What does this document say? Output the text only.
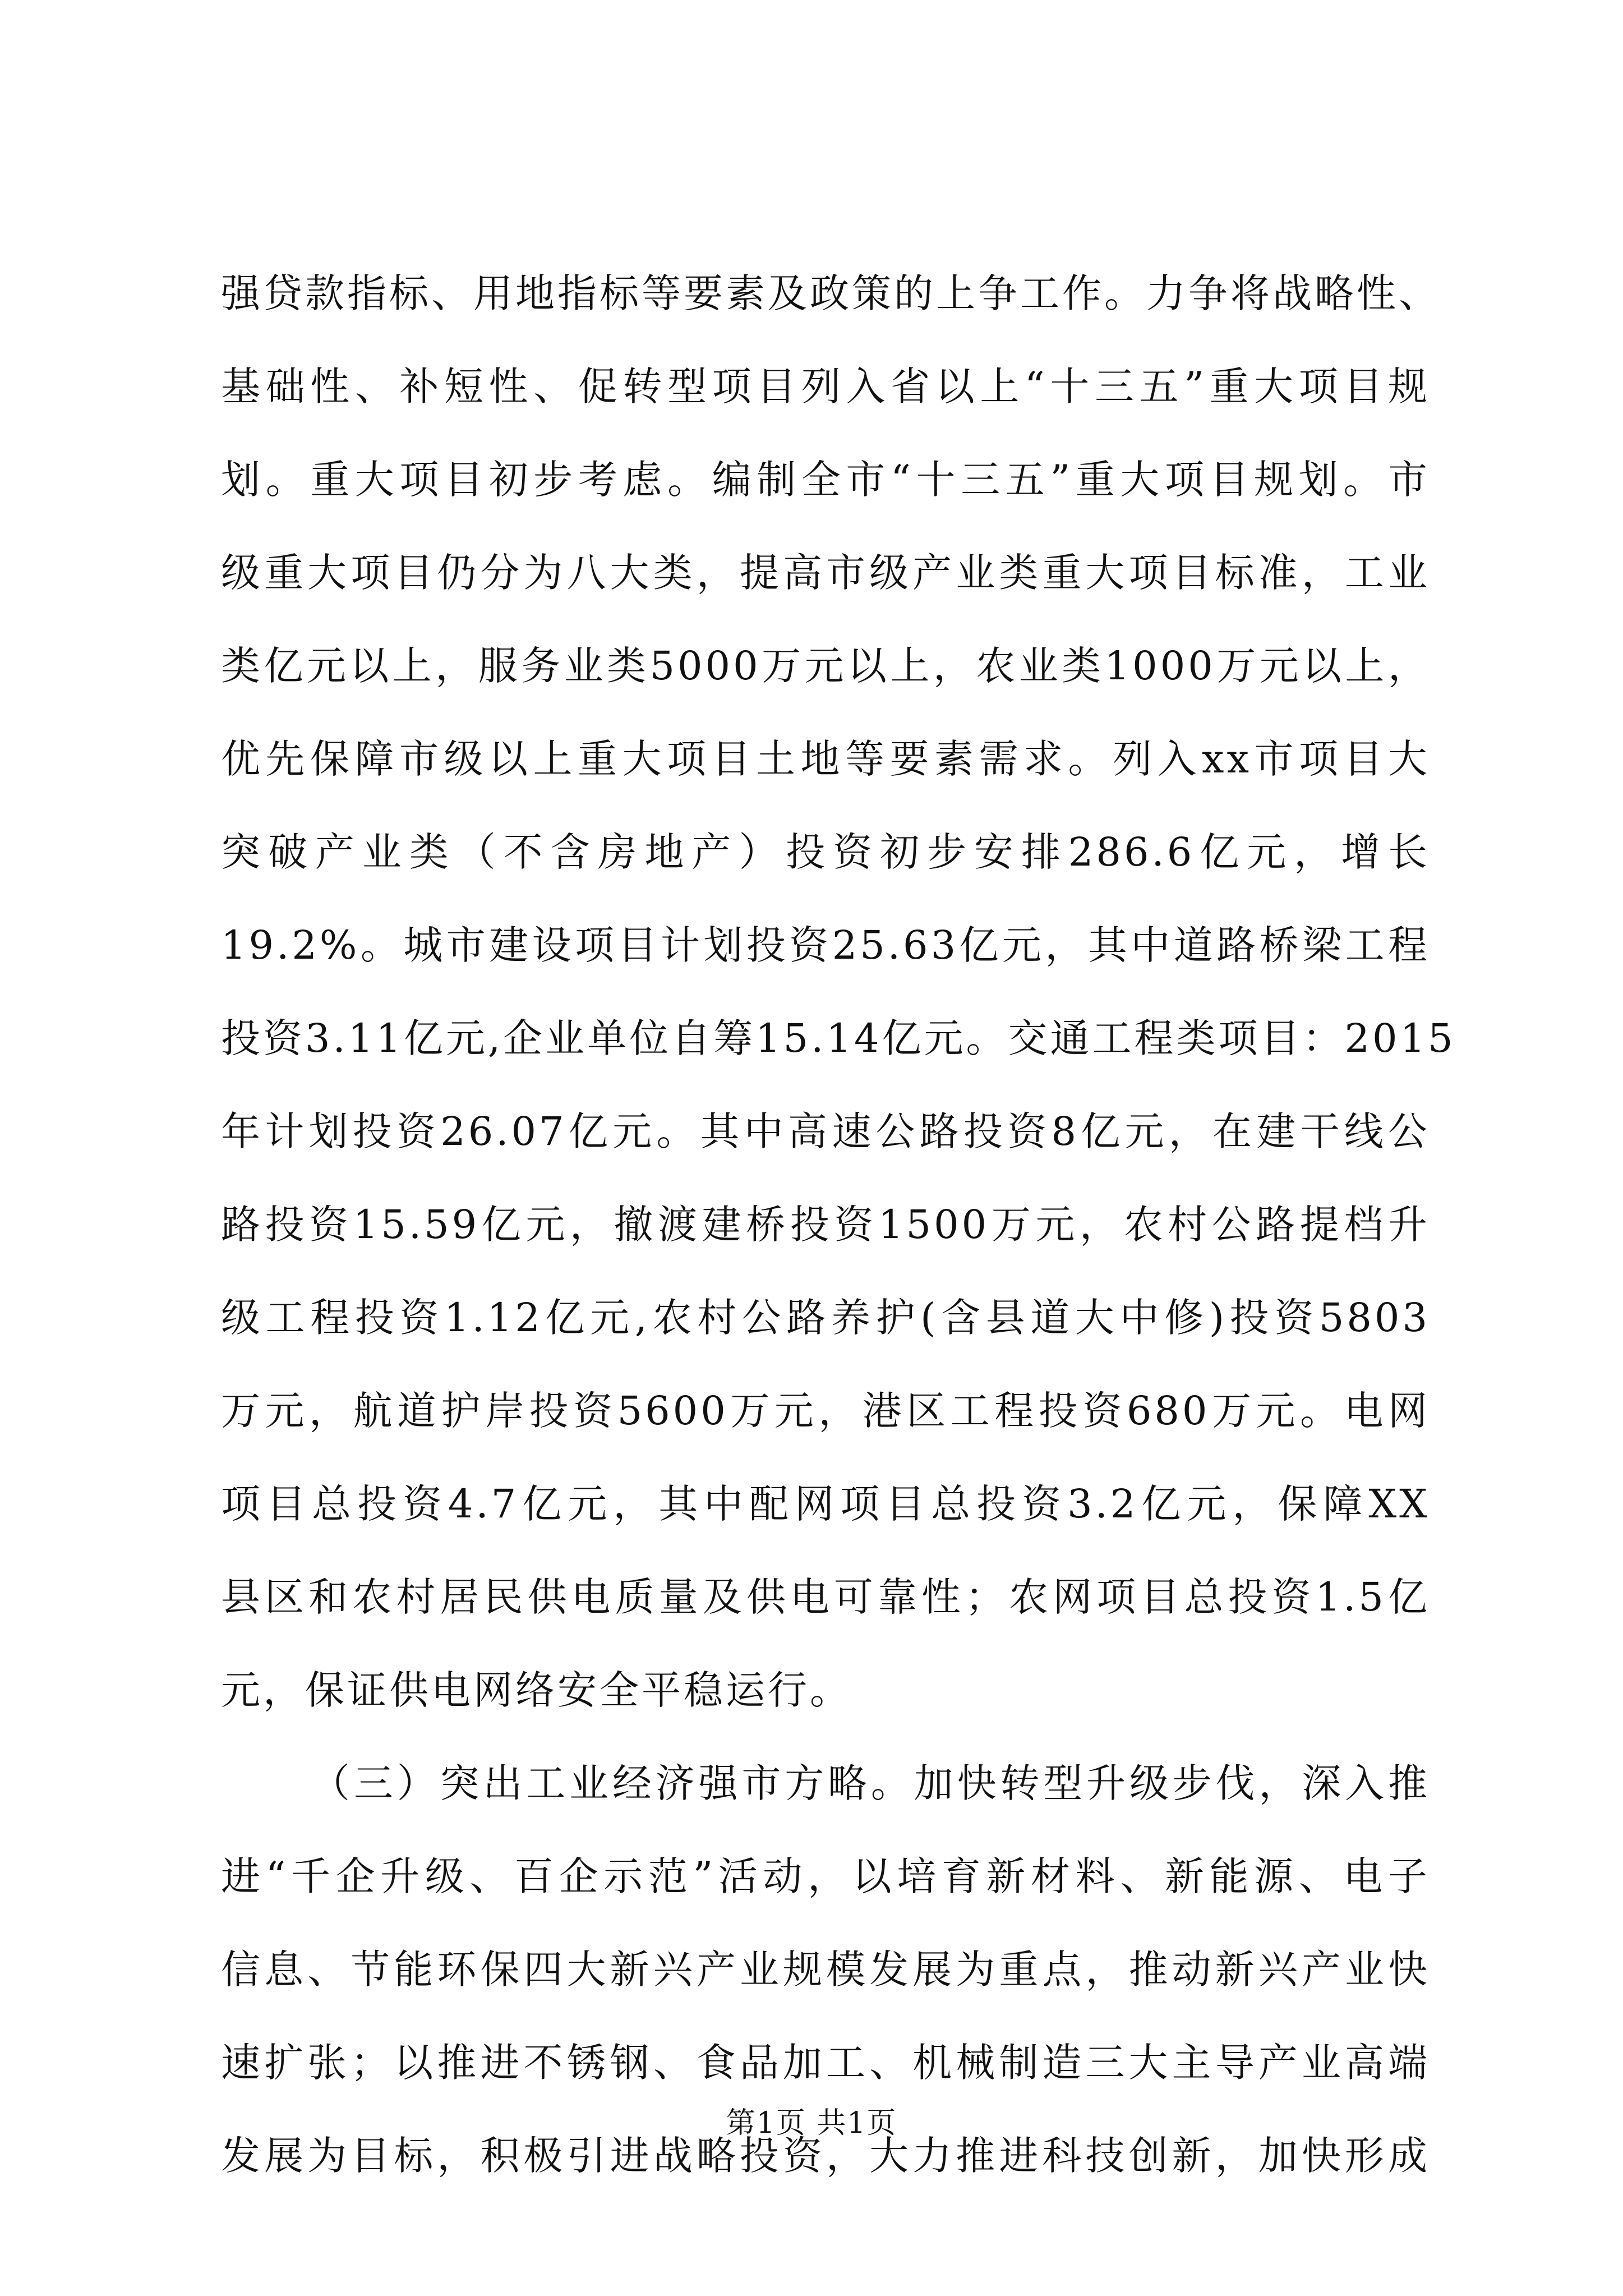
强贷款指标、用地指标等要素及政策的上争工作。力争将战略性、
基础性、补短性、促转型项目列入省以上“十三五”重大项目规
划。重大项目初步考虑。编制全市“十三五”重大项目规划。市
级重大项目仍分为八大类，提高市级产业类重大项目标准，工业
类亿元以上，服务业类5000万元以上，农业类1000万元以上，
优先保障市级以上重大项目土地等要素需求。列入xx市项目大
突破产业类（不含房地产）投资初步安排286.6亿元，增长
19.2%。城市建设项目计划投资25.63亿元，其中道路桥梁工程
投资3.11亿元,企业单位自筹15.14亿元。交通工程类项目：2015
年计划投资26.07亿元。其中高速公路投资8亿元，在建干线公
路投资15.59亿元，撤渡建桥投资1500万元，农村公路提档升
级工程投资1.12亿元,农村公路养护(含县道大中修)投资5803
万元，航道护岸投资5600万元，港区工程投资680万元。电网
项目总投资4.7亿元，其中配网项目总投资3.2亿元，保障XX
县区和农村居民供电质量及供电可靠性；农网项目总投资1.5亿
元，保证供电网络安全平稳运行。
（三）突出工业经济强市方略。加快转型升级步伐，深入推
进“千企升级、百企示范”活动，以培育新材料、新能源、电子
信息、节能环保四大新兴产业规模发展为重点，推动新兴产业快
速扩张；以推进不锈钢、食品加工、机械制造三大主导产业高端
发展为目标，积极引进战略投资，大力推进科技创新，加快形成
第1页 共1页
